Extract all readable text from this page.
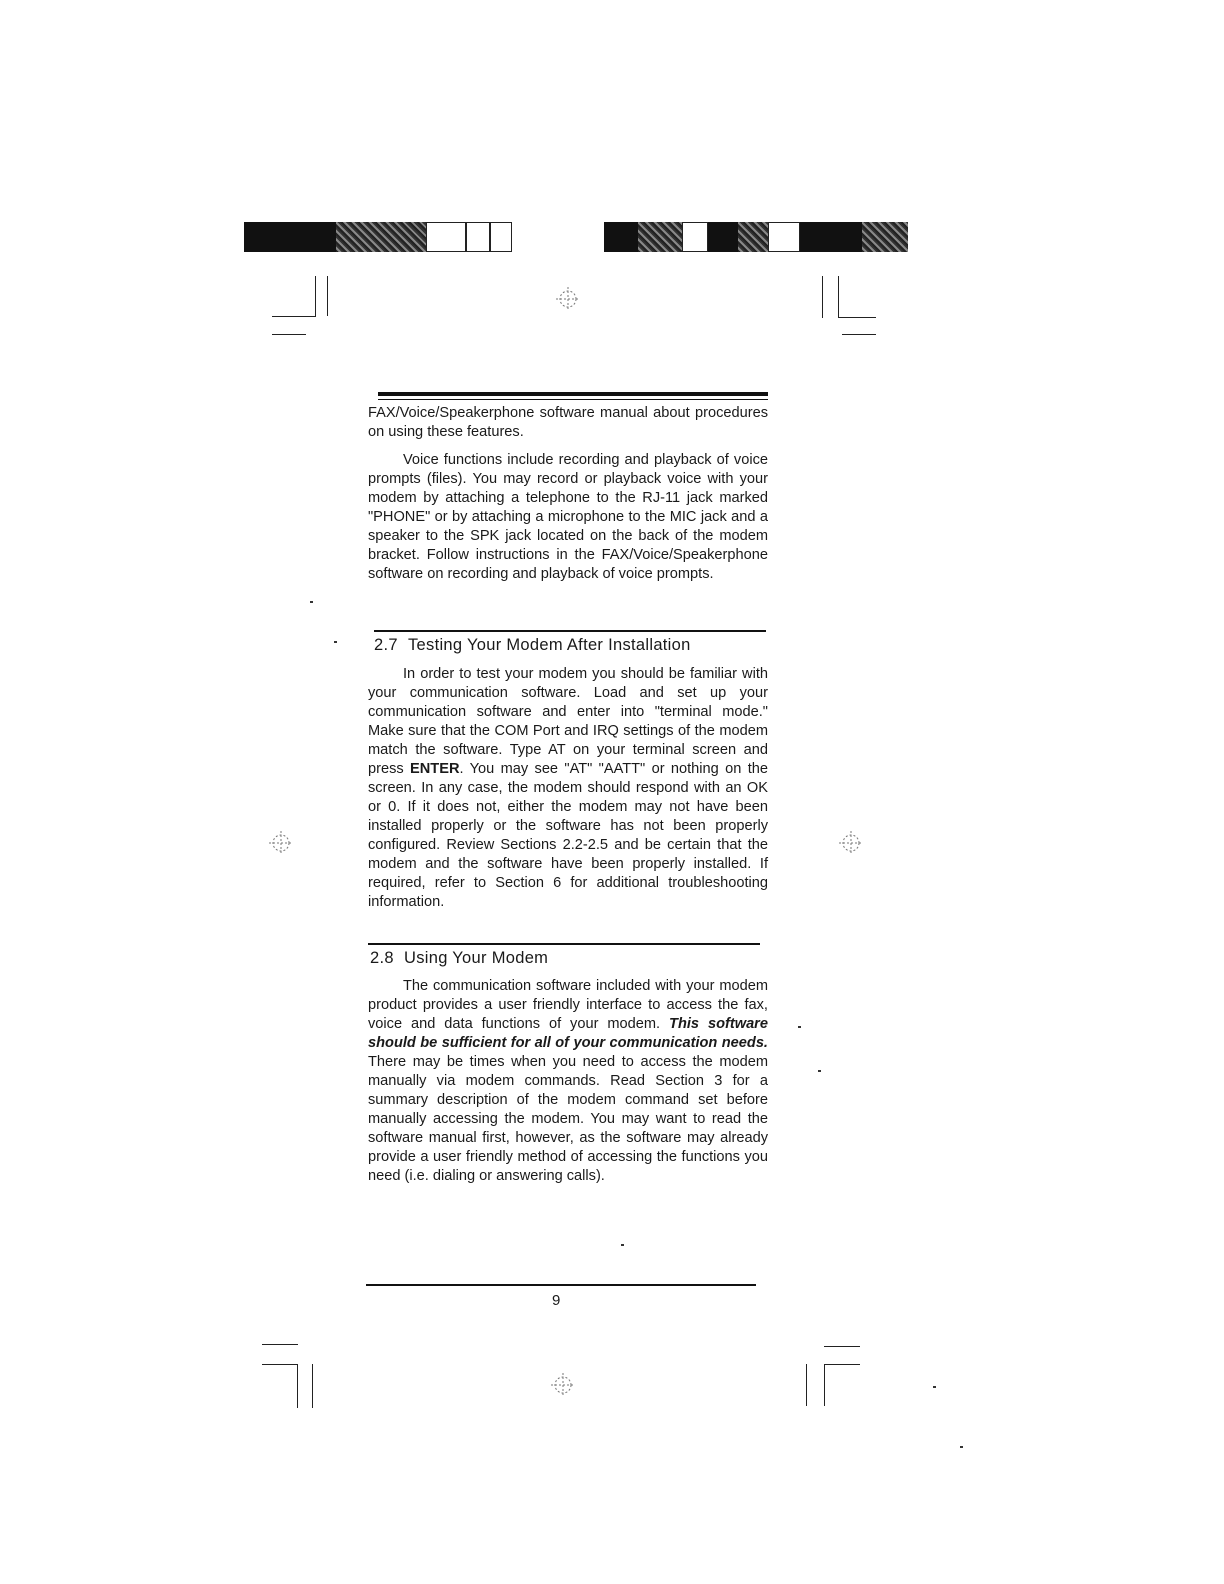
FAX/Voice/Speakerphone software manual about procedures on using these features.

Voice functions include recording and playback of voice prompts (files). You may record or playback voice with your modem by attaching a telephone to the RJ-11 jack marked "PHONE" or by attaching a microphone to the MIC jack and a speaker to the SPK jack located on the back of the modem bracket. Follow instructions in the FAX/Voice/Speakerphone software on recording and playback of voice prompts.

2.7 Testing Your Modem After Installation

In order to test your modem you should be familiar with your communication software. Load and set up your communication software and enter into "terminal mode." Make sure that the COM Port and IRQ settings of the modem match the software. Type AT on your terminal screen and press ENTER. You may see "AT" "AATT" or nothing on the screen. In any case, the modem should respond with an OK or 0. If it does not, either the modem may not have been installed properly or the software has not been properly configured. Review Sections 2.2-2.5 and be certain that the modem and the software have been properly installed. If required, refer to Section 6 for additional troubleshooting information.

2.8 Using Your Modem

The communication software included with your modem product provides a user friendly interface to access the fax, voice and data functions of your modem. This software should be sufficient for all of your communication needs. There may be times when you need to access the modem manually via modem commands. Read Section 3 for a summary description of the modem command set before manually accessing the modem. You may want to read the software manual first, however, as the software may already provide a user friendly method of accessing the functions you need (i.e. dialing or answering calls).

9
